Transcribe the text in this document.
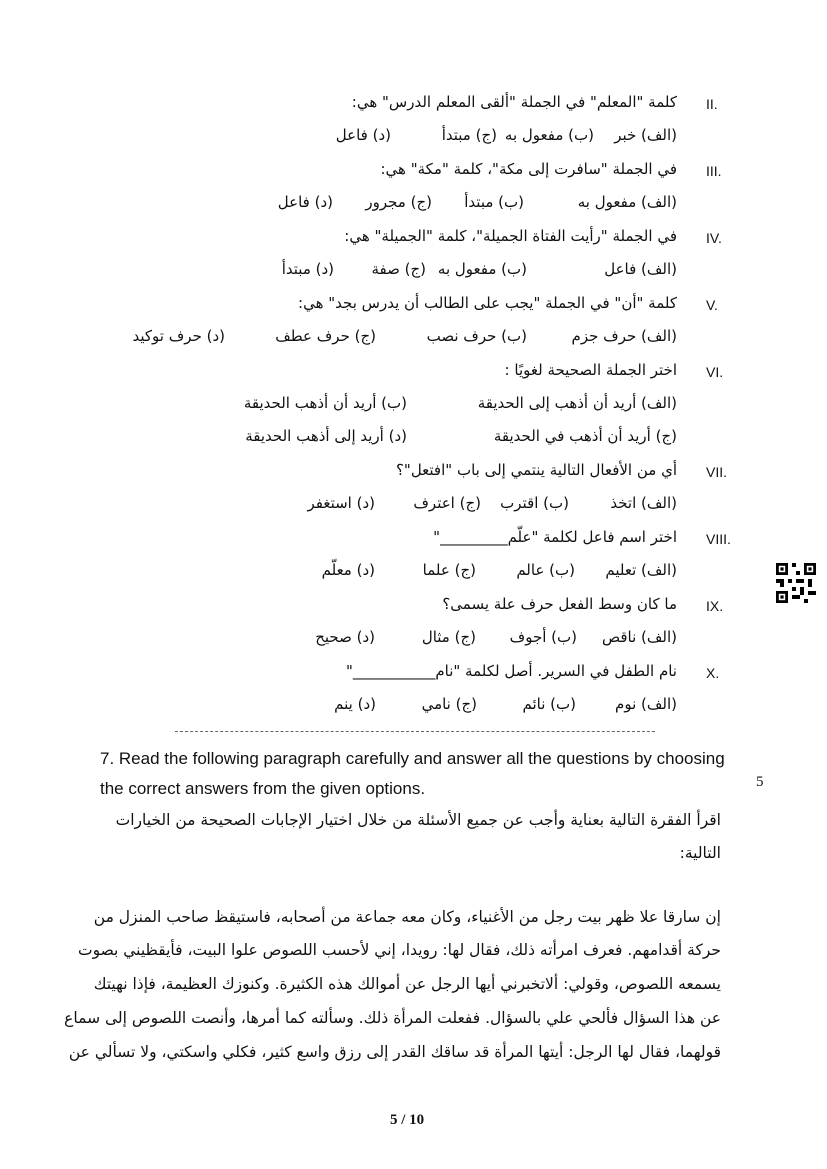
II.
كلمة "المعلم" في الجملة "ألقى المعلم الدرس" هي:
(الف) خبر
(ب) مفعول به
(ج) مبتدأ
(د) فاعل
III.
في الجملة "سافرت إلى مكة"، كلمة "مكة" هي:
(الف) مفعول به
(ب) مبتدأ
(ج) مجرور
(د) فاعل
IV.
في الجملة "رأيت الفتاة الجميلة"، كلمة "الجميلة" هي:
(الف) فاعل
(ب) مفعول به
(ج) صفة
(د) مبتدأ
V.
كلمة "أن" في الجملة "يجب على الطالب أن يدرس بجد" هي:
(الف) حرف جزم
(ب) حرف نصب
(ج) حرف عطف
(د) حرف توكيد
VI.
اختر الجملة الصحيحة لغويًا :
(الف) أريد أن أذهب إلى الحديقة
(ب) أريد أن أذهب الحديقة
(ج) أريد أن أذهب في الحديقة
(د) أريد إلى أذهب الحديقة
VII.
أي من الأفعال التالية ينتمي إلى باب "افتعل"؟
(الف) اتخذ
(ب) اقترب
(ج) اعترف
(د) استغفر
VIII.
اختر اسم فاعل لكلمة "علّم_________"
(الف) تعليم
(ب) عالم
(ج) علما
(د) معلّم
IX.
ما كان وسط الفعل حرف علة يسمى؟
(الف) ناقص
(ب) أجوف
(ج) مثال
(د) صحيح
X.
نام الطفل في السرير. أصل لكلمة "نام___________"
(الف) نوم
(ب) نائم
(ج) نامي
(د) ينم
7. Read the following paragraph carefully and answer all the questions by choosing
the correct answers from the given options.	5
اقرأ الفقرة التالية بعناية وأجب عن جميع الأسئلة من خلال اختيار الإجابات الصحيحة من الخيارات
التالية:
إن سارقا علا ظهر بيت رجل من الأغنياء، وكان معه جماعة من أصحابه، فاستيقظ صاحب المنزل من
حركة أقدامهم. فعرف امرأته ذلك، فقال لها: رويدا، إني لأحسب اللصوص علوا البيت، فأيقظيني بصوت
يسمعه اللصوص، وقولي: ألاتخبرني أيها الرجل عن أموالك هذه الكثيرة. وكنوزك العظيمة، فإذا نهيتك
عن هذا السؤال فألحي علي بالسؤال. ففعلت المرأة ذلك. وسألته كما أمرها، وأنصت اللصوص إلى سماع
قولهما، فقال لها الرجل: أيتها المرأة قد ساقك القدر إلى رزق واسع كثير، فكلي واسكتي، ولا تسألي عن
5 / 10
